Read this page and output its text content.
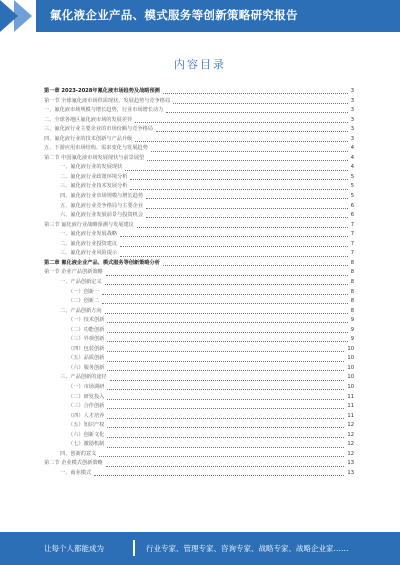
氟化液企业产品、模式服务等创新策略研究报告
内容目录
第一章 2023-2028年氟化液市场趋势及战略预测	3
第一节 全球氟化液市场供需现状、发展趋势与竞争格局	3
一、氟化液市场规模与增长趋势，行业市场增长动力	3
二、全球各地区氟化液市场的发展差异	3
三、氟化液行业主要企业的市场份额与竞争格局	3
四、氟化液行业的技术创新与产品升级	3
五、下游应用市场结构、需求变化与发展趋势	4
第二节 中国氟化液市场发展现状与前景展望	4
一、氟化液行业的发展现状	4
二、氟化液行业政策环境分析	5
三、氟化液行业技术发展分析	5
四、氟化液行业市场规模与增长趋势	5
五、氟化液行业竞争格局与主要企业	6
六、氟化液行业发展前景与投资机会	6
第三节 氟化液行业战略预测与发展建议	7
一、氟化液行业发展战略	7
二、氟化液行业投资建议	7
三、氟化液行业风险提示	7
第二章 氟化液企业产品、模式服务等创新策略分析	8
第一节 企业产品创新策略	8
一、产品创新定义	8
（一）创新一	8
（二）创新二	8
二、产品创新方向	8
（一）技术创新	9
（二）功能创新	9
（三）外观创新	9
（四）包装创新	10
（五）品质创新	10
（六）服务创新	10
三、产品创新的途径	10
（一）市场调研	10
（二）研发投入	11
（三）合作创新	11
（四）人才培养	11
（五）知识产权	12
（六）创新文化	12
（七）激励机制	12
四、创新的意义	12
第二节 企业模式创新策略	13
一、商业模式	13
让每个人都能成为	行业专家、管理专家、咨询专家、战略专家、战略企业家……
